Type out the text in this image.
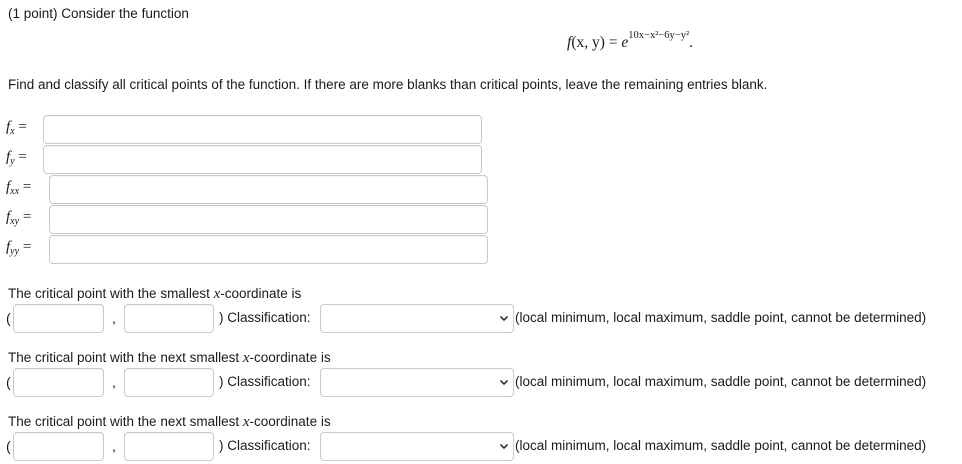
(1 point) Consider the function
f(x, $y) = e^{10x-x^2-6y-y^2}$.
Find and classify all critical points of the function. If there are more blanks than critical points, leave the remaining entries blank.
$f_x$ =
$f_y$ =
$f_{xx}$ =
$f_{xy}$ =
$f_{yy}$ =
The critical point with the smallest x-coordinate is
(	,	) Classification:	(local minimum, local maximum, saddle point, cannot be determined)
The critical point with the next smallest x-coordinate is
(	,	) Classification:	(local minimum, local maximum, saddle point, cannot be determined)
The critical point with the next smallest x-coordinate is
(	,	) Classification:	(local minimum, local maximum, saddle point, cannot be determined)
